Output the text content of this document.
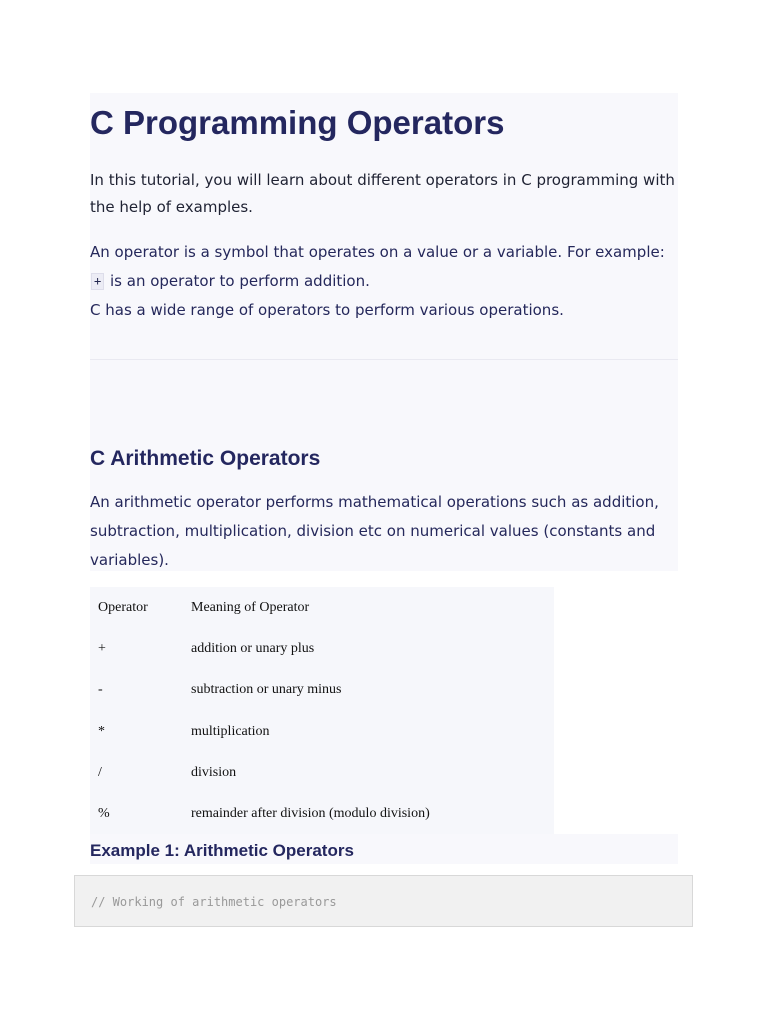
C Programming Operators

In this tutorial, you will learn about different operators in C programming with the help of examples.

An operator is a symbol that operates on a value or a variable. For example: + is an operator to perform addition.
C has a wide range of operators to perform various operations.

C Arithmetic Operators

An arithmetic operator performs mathematical operations such as addition, subtraction, multiplication, division etc on numerical values (constants and variables).

Operator	Meaning of Operator
+	addition or unary plus
-	subtraction or unary minus
*	multiplication
/	division
%	remainder after division (modulo division)
Example 1: Arithmetic Operators
// Working of arithmetic operators
